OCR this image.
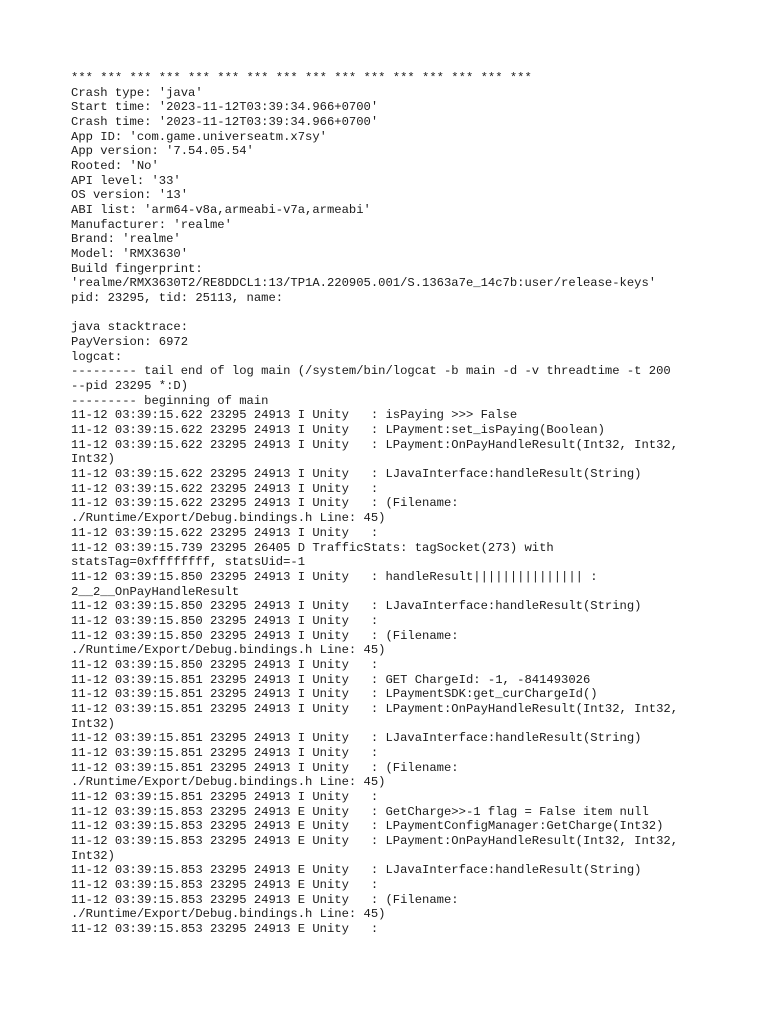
*** *** *** *** *** *** *** *** *** *** *** *** *** *** *** ***
Crash type: 'java'
Start time: '2023-11-12T03:39:34.966+0700'
Crash time: '2023-11-12T03:39:34.966+0700'
App ID: 'com.game.universeatm.x7sy'
App version: '7.54.05.54'
Rooted: 'No'
API level: '33'
OS version: '13'
ABI list: 'arm64-v8a,armeabi-v7a,armeabi'
Manufacturer: 'realme'
Brand: 'realme'
Model: 'RMX3630'
Build fingerprint:
'realme/RMX3630T2/RE8DDCL1:13/TP1A.220905.001/S.1363a7e_14c7b:user/release-keys'
pid: 23295, tid: 25113, name:
java stacktrace:
PayVersion: 6972
logcat:
--------- tail end of log main (/system/bin/logcat -b main -d -v threadtime -t 200
--pid 23295 *:D)
--------- beginning of main
11-12 03:39:15.622 23295 24913 I Unity   : isPaying >>> False
11-12 03:39:15.622 23295 24913 I Unity   : LPayment:set_isPaying(Boolean)
11-12 03:39:15.622 23295 24913 I Unity   : LPayment:OnPayHandleResult(Int32, Int32,
Int32)
11-12 03:39:15.622 23295 24913 I Unity   : LJavaInterface:handleResult(String)
11-12 03:39:15.622 23295 24913 I Unity   :
11-12 03:39:15.622 23295 24913 I Unity   : (Filename:
./Runtime/Export/Debug.bindings.h Line: 45)
11-12 03:39:15.622 23295 24913 I Unity   :
11-12 03:39:15.739 23295 26405 D TrafficStats: tagSocket(273) with
statsTag=0xffffffff, statsUid=-1
11-12 03:39:15.850 23295 24913 I Unity   : handleResult||||||||||||||| :
2__2__OnPayHandleResult
11-12 03:39:15.850 23295 24913 I Unity   : LJavaInterface:handleResult(String)
11-12 03:39:15.850 23295 24913 I Unity   :
11-12 03:39:15.850 23295 24913 I Unity   : (Filename:
./Runtime/Export/Debug.bindings.h Line: 45)
11-12 03:39:15.850 23295 24913 I Unity   :
11-12 03:39:15.851 23295 24913 I Unity   : GET ChargeId: -1, -841493026
11-12 03:39:15.851 23295 24913 I Unity   : LPaymentSDK:get_curChargeId()
11-12 03:39:15.851 23295 24913 I Unity   : LPayment:OnPayHandleResult(Int32, Int32,
Int32)
11-12 03:39:15.851 23295 24913 I Unity   : LJavaInterface:handleResult(String)
11-12 03:39:15.851 23295 24913 I Unity   :
11-12 03:39:15.851 23295 24913 I Unity   : (Filename:
./Runtime/Export/Debug.bindings.h Line: 45)
11-12 03:39:15.851 23295 24913 I Unity   :
11-12 03:39:15.853 23295 24913 E Unity   : GetCharge>>-1 flag = False item null
11-12 03:39:15.853 23295 24913 E Unity   : LPaymentConfigManager:GetCharge(Int32)
11-12 03:39:15.853 23295 24913 E Unity   : LPayment:OnPayHandleResult(Int32, Int32,
Int32)
11-12 03:39:15.853 23295 24913 E Unity   : LJavaInterface:handleResult(String)
11-12 03:39:15.853 23295 24913 E Unity   :
11-12 03:39:15.853 23295 24913 E Unity   : (Filename:
./Runtime/Export/Debug.bindings.h Line: 45)
11-12 03:39:15.853 23295 24913 E Unity   :
